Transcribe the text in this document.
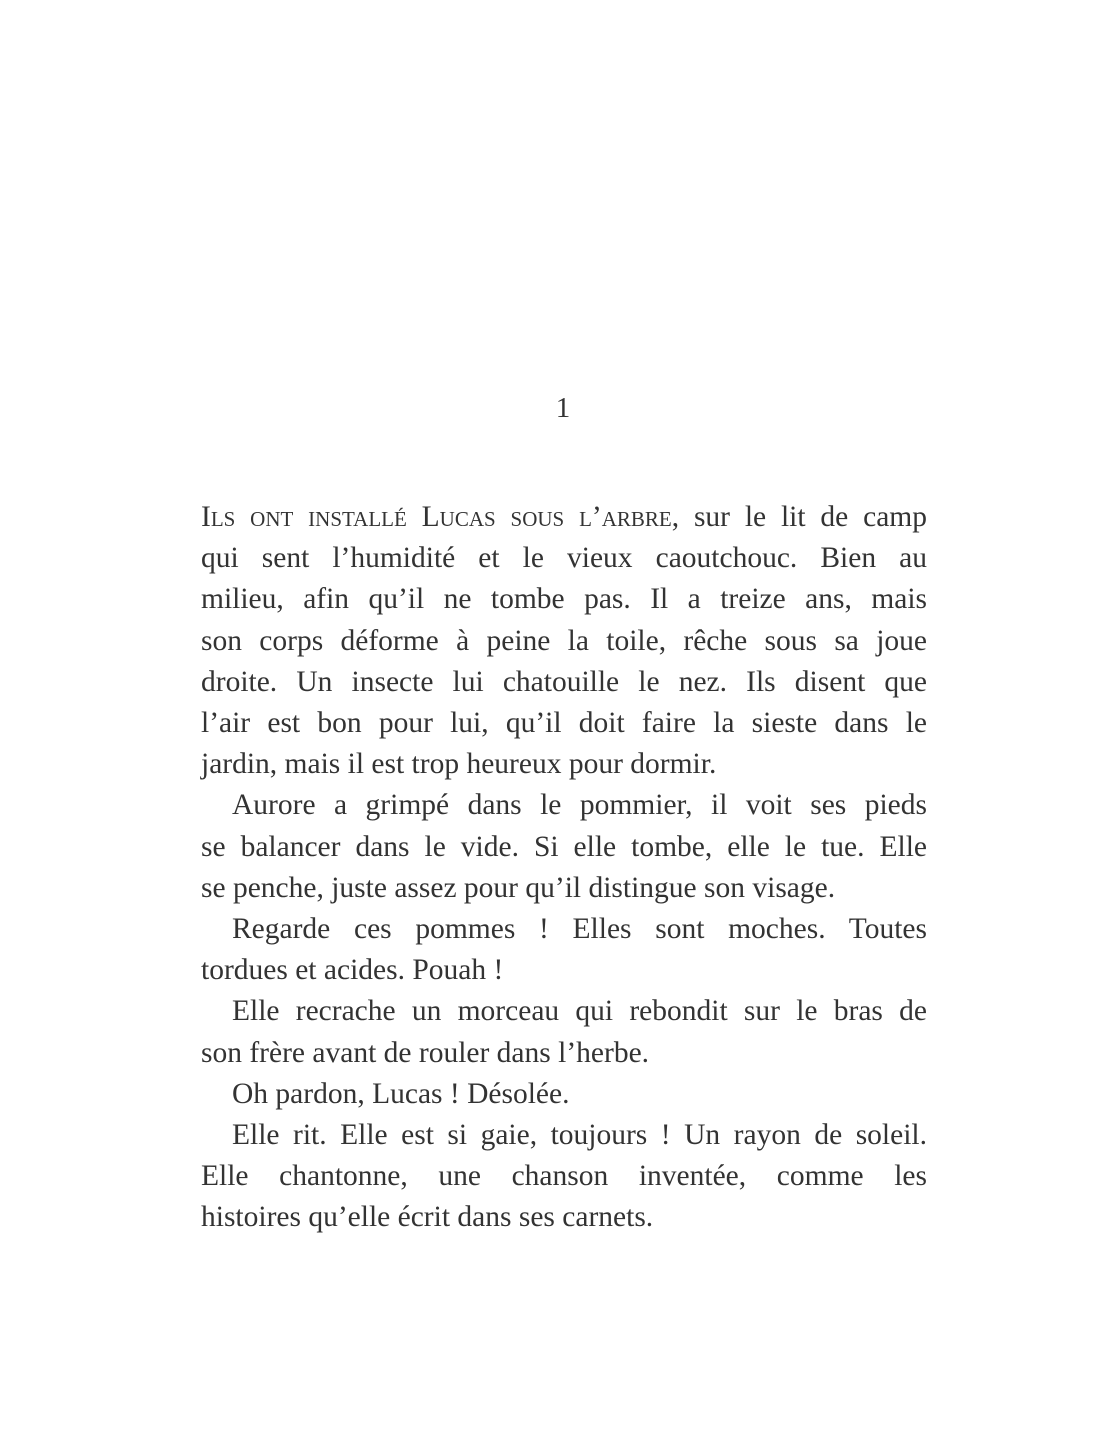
1
Ils ont installé Lucas sous l’arbre, sur le lit de camp
qui sent l’humidité et le vieux caoutchouc. Bien au
milieu, afin qu’il ne tombe pas. Il a treize ans, mais
son corps déforme à peine la toile, rêche sous sa joue
droite. Un insecte lui chatouille le nez. Ils disent que
l’air est bon pour lui, qu’il doit faire la sieste dans le
jardin, mais il est trop heureux pour dormir.
Aurore a grimpé dans le pommier, il voit ses pieds
se balancer dans le vide. Si elle tombe, elle le tue. Elle
se penche, juste assez pour qu’il distingue son visage.
Regarde ces pommes ! Elles sont moches. Toutes
tordues et acides. Pouah !
Elle recrache un morceau qui rebondit sur le bras de
son frère avant de rouler dans l’herbe.
Oh pardon, Lucas ! Désolée.
Elle rit. Elle est si gaie, toujours ! Un rayon de soleil.
Elle chantonne, une chanson inventée, comme les
histoires qu’elle écrit dans ses carnets.
